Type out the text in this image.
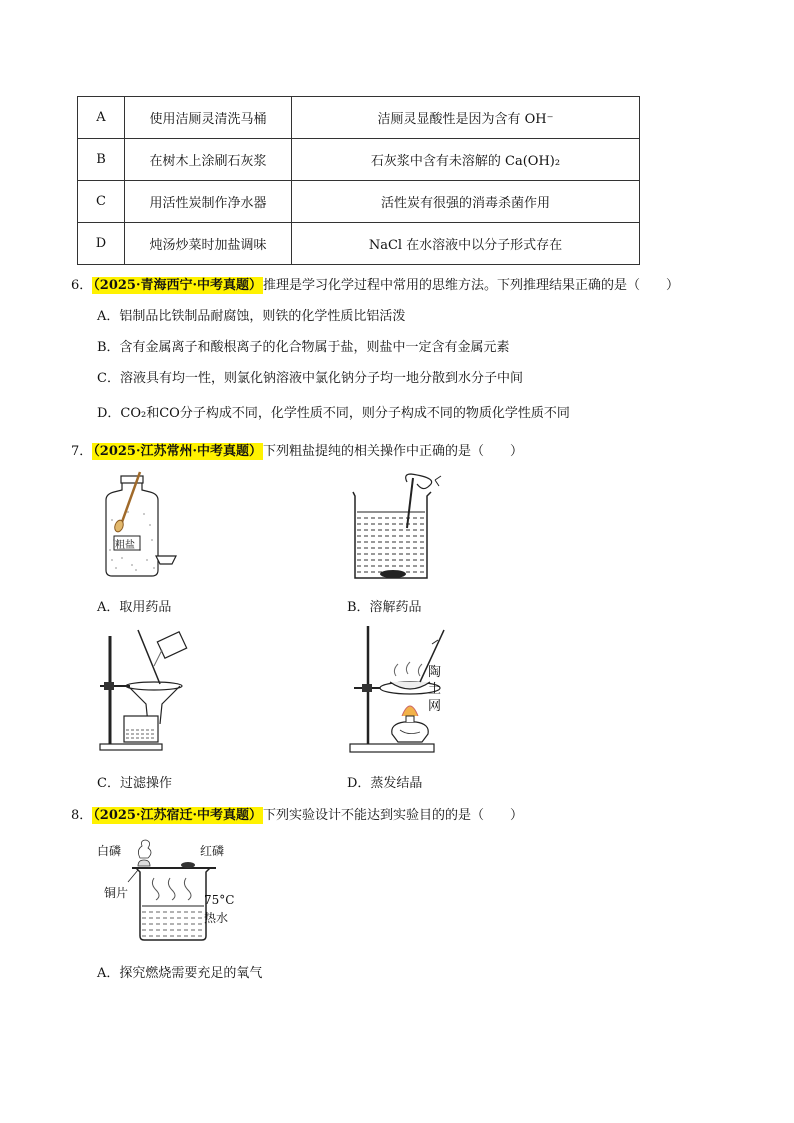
A	使用洁厕灵清洗马桶	洁厕灵显酸性是因为含有 OH⁻
B	在树木上涂刷石灰浆	石灰浆中含有未溶解的 Ca(OH)₂
C	用活性炭制作净水器	活性炭有很强的消毒杀菌作用
D	炖汤炒菜时加盐调味	NaCl 在水溶液中以分子形式存在
6．（2025·青海西宁·中考真题）推理是学习化学过程中常用的思维方法。下列推理结果正确的是（　　）
A．铝制品比铁制品耐腐蚀，则铁的化学性质比铝活泼
B．含有金属离子和酸根离子的化合物属于盐，则盐中一定含有金属元素
C．溶液具有均一性，则氯化钠溶液中氯化钠分子均一地分散到水分子中间
D．CO₂和CO分子构成不同，化学性质不同，则分子构成不同的物质化学性质不同
7．（2025·江苏常州·中考真题）下列粗盐提纯的相关操作中正确的是（　　）
粗盐
A．取用药品	B．溶解药品
陶
土
网
C．过滤操作	D．蒸发结晶
8．（2025·江苏宿迁·中考真题）下列实验设计不能达到实验目的的是（　　）
白磷	红磷
铜片	75°C
热水
A．探究燃烧需要充足的氧气
